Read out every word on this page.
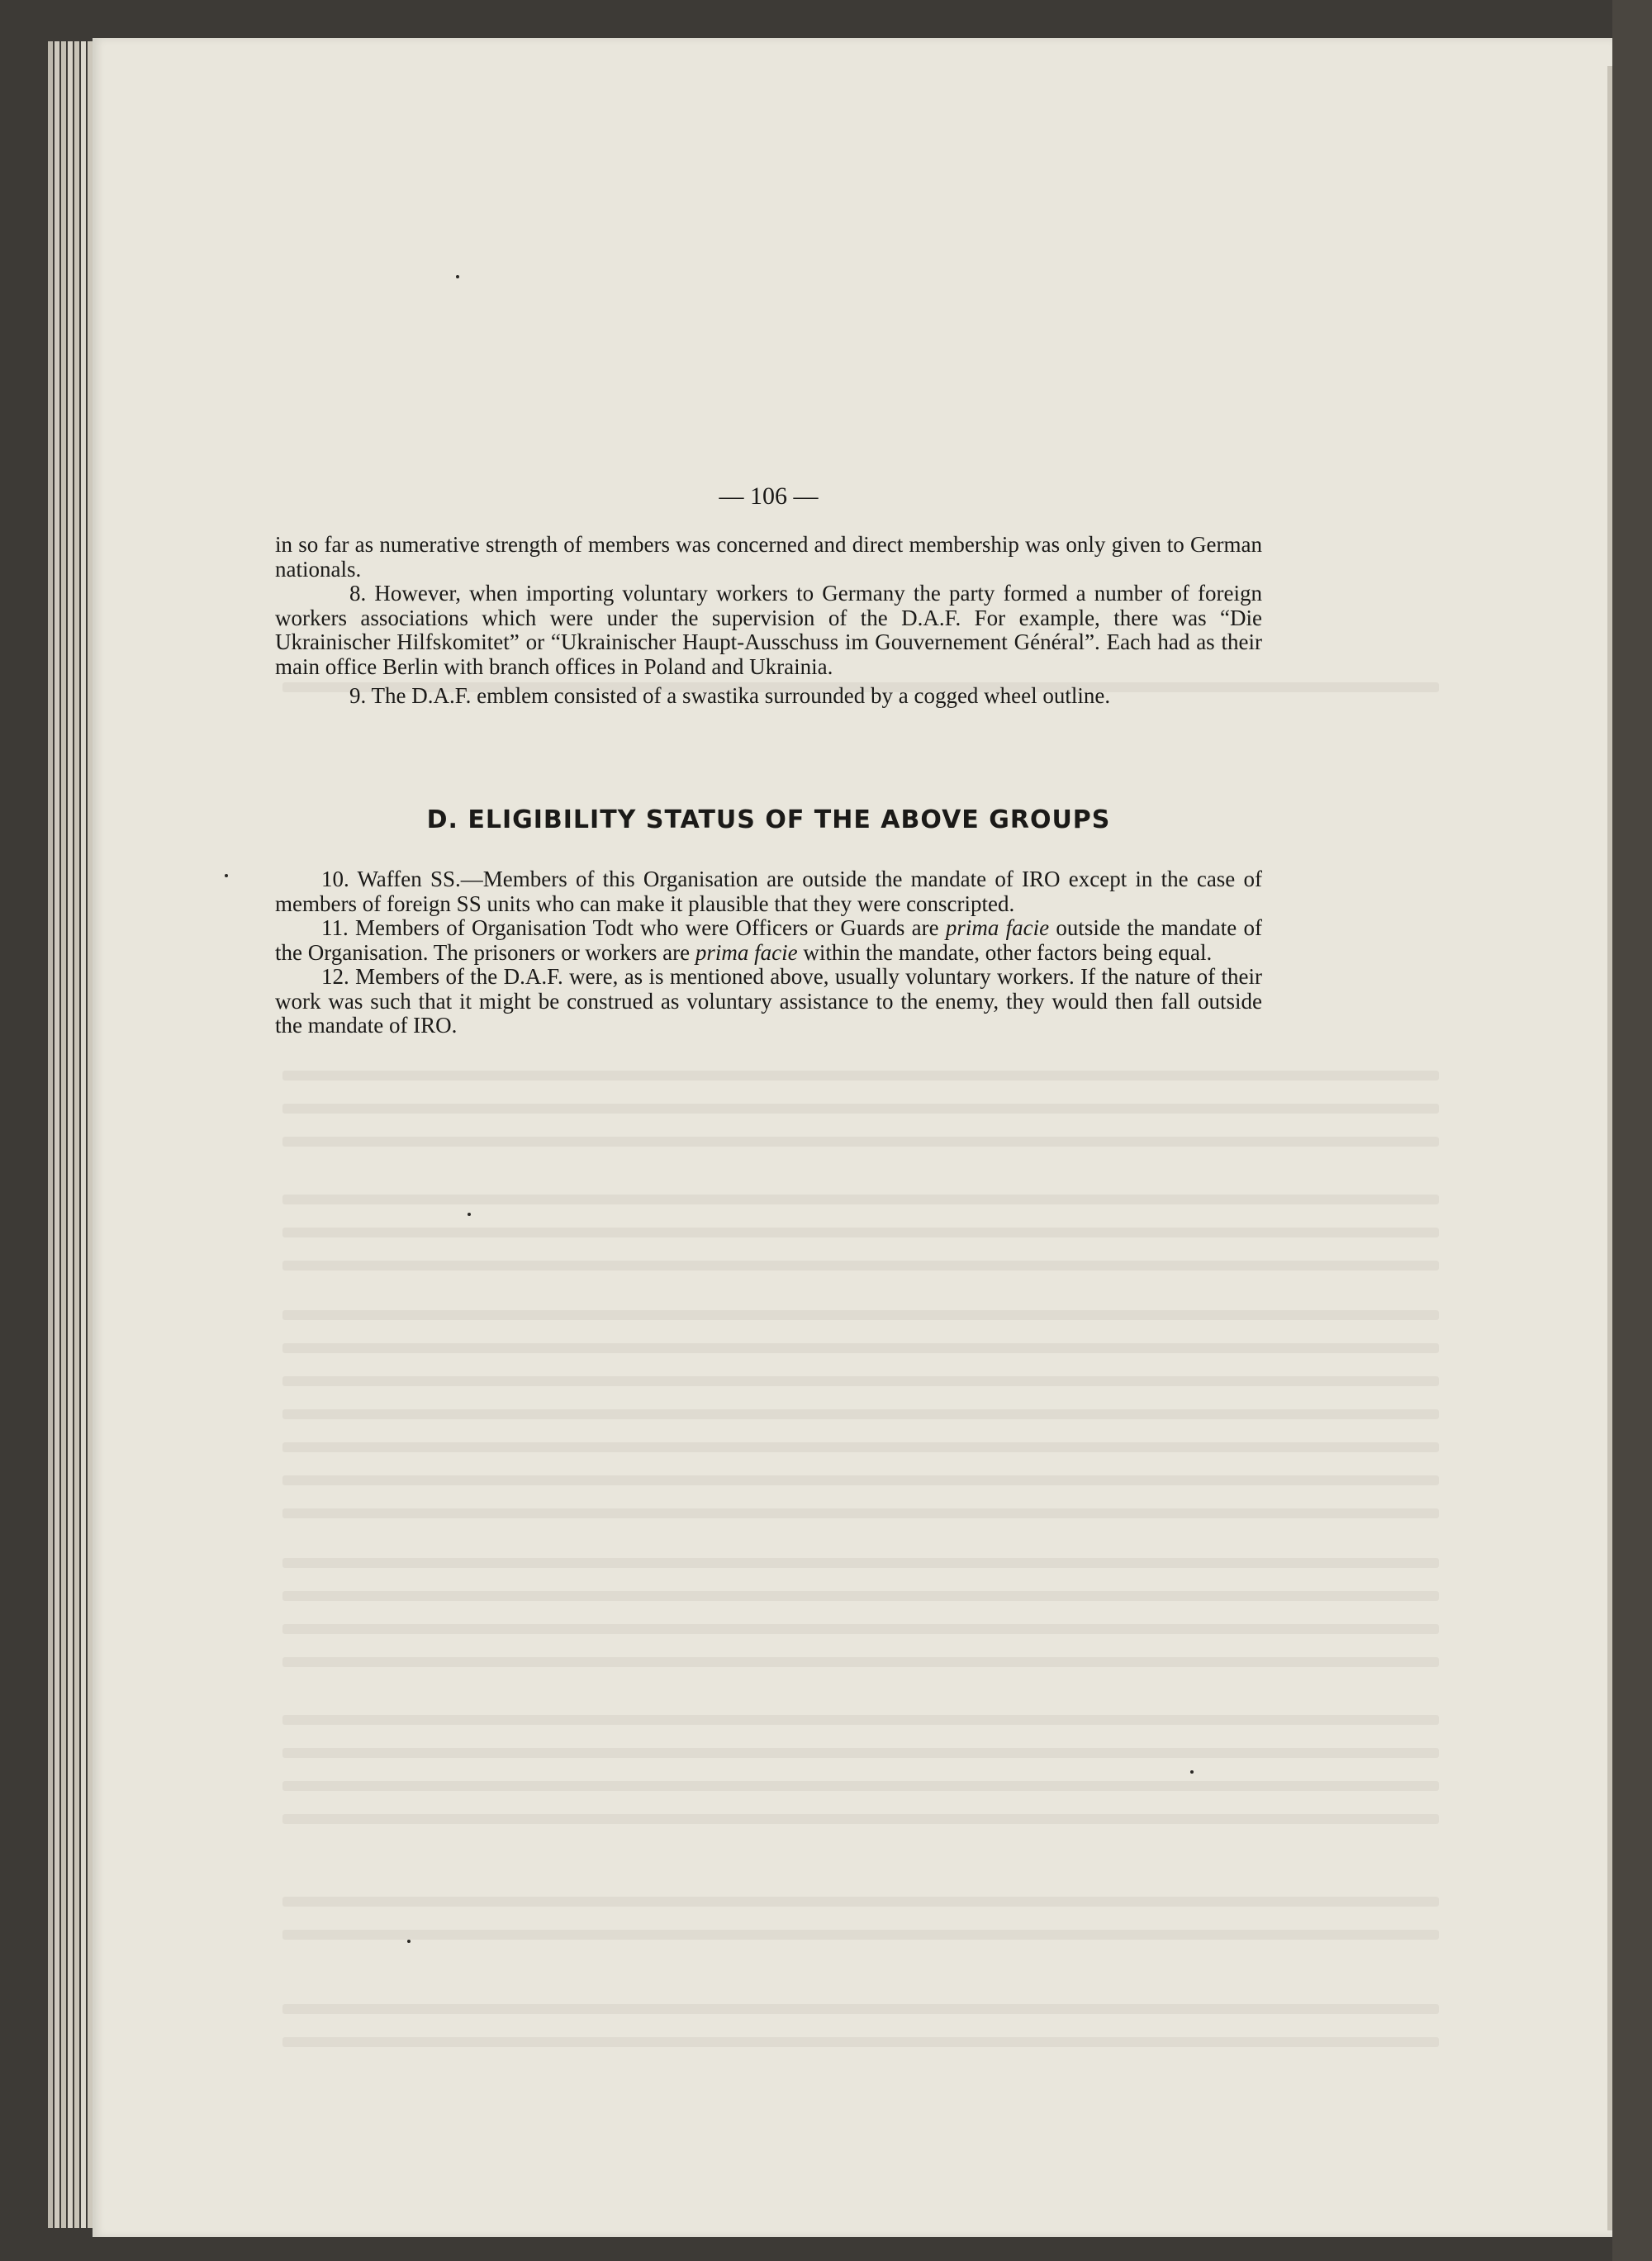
— 106 —

in so far as numerative strength of members was concerned and direct membership was only given to German nationals.

8. However, when importing voluntary workers to Germany the party formed a number of foreign workers associations which were under the supervision of the D.A.F. For example, there was “Die Ukrainischer Hilfskomitet” or “Ukrainischer Haupt-Ausschuss im Gouvernement Général”. Each had as their main office Berlin with branch offices in Poland and Ukrainia.

9. The D.A.F. emblem consisted of a swastika surrounded by a cogged wheel outline.

D. ELIGIBILITY STATUS OF THE ABOVE GROUPS

10. Waffen SS.—Members of this Organisation are outside the mandate of IRO except in the case of members of foreign SS units who can make it plausible that they were conscripted.

11. Members of Organisation Todt who were Officers or Guards are prima facie outside the mandate of the Organisation. The prisoners or workers are prima facie within the mandate, other factors being equal.

12. Members of the D.A.F. were, as is mentioned above, usually voluntary workers. If the nature of their work was such that it might be construed as voluntary assistance to the enemy, they would then fall outside the mandate of IRO.
